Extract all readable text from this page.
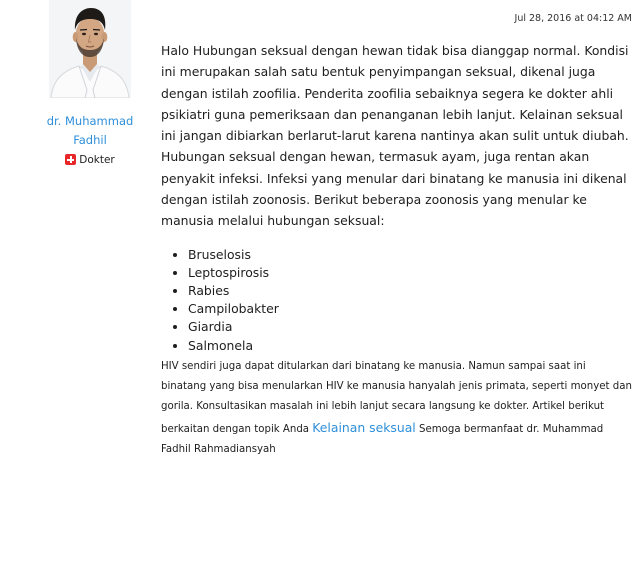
dr. Muhammad Fadhil
Dokter
Jul 28, 2016 at 04:12 AM

Halo Hubungan seksual dengan hewan tidak bisa dianggap normal. Kondisi ini merupakan salah satu bentuk penyimpangan seksual, dikenal juga dengan istilah zoofilia. Penderita zoofilia sebaiknya segera ke dokter ahli psikiatri guna pemeriksaan dan penanganan lebih lanjut. Kelainan seksual ini jangan dibiarkan berlarut-larut karena nantinya akan sulit untuk diubah. Hubungan seksual dengan hewan, termasuk ayam, juga rentan akan penyakit infeksi. Infeksi yang menular dari binatang ke manusia ini dikenal dengan istilah zoonosis. Berikut beberapa zoonosis yang menular ke manusia melalui hubungan seksual:

• Bruselosis
• Leptospirosis
• Rabies
• Campilobakter
• Giardia
• Salmonela

HIV sendiri juga dapat ditularkan dari binatang ke manusia. Namun sampai saat ini binatang yang bisa menularkan HIV ke manusia hanyalah jenis primata, seperti monyet dan gorila. Konsultasikan masalah ini lebih lanjut secara langsung ke dokter. Artikel berikut berkaitan dengan topik Anda Kelainan seksual Semoga bermanfaat dr. Muhammad Fadhil Rahmadiansyah
